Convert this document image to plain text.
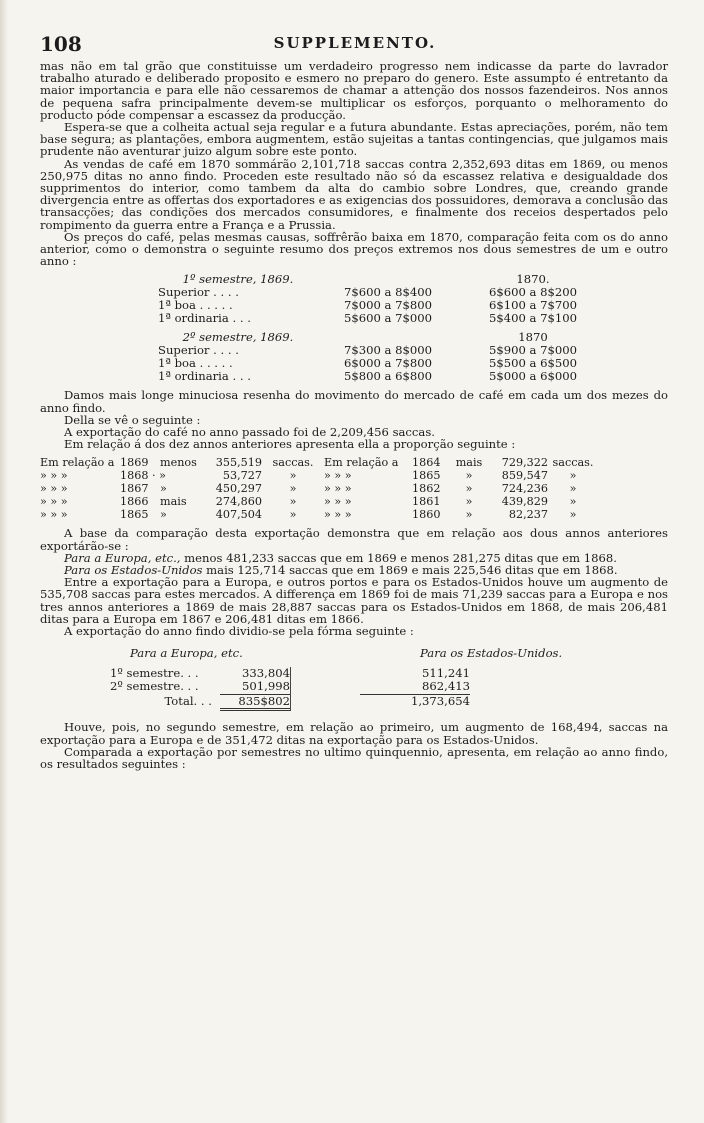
108	SUPPLEMENTO.

mas não em tal grão que constituisse um verdadeiro progresso nem indicasse da parte do lavrador trabalho aturado e deliberado proposito e esmero no preparo do genero. Este assumpto é entretanto da maior importancia e para elle não cessaremos de chamar a attenção dos nossos fazendeiros. Nos annos de pequena safra principalmente devem-se multiplicar os esforços, porquanto o melhoramento do producto póde compensar a escassez da producção.

Espera-se que a colheita actual seja regular e a futura abundante. Estas apreciações, porém, não tem base segura; as plantações, embora augmentem, estão sujeitas a tantas contingencias, que julgamos mais prudente não aventurar juizo algum sobre este ponto.

As vendas de café em 1870 sommárão 2,101,718 saccas contra 2,352,693 ditas em 1869, ou menos 250,975 ditas no anno findo. Proceden este resultado não só da escassez relativa e desigualdade dos supprimentos do interior, como tambem da alta do cambio sobre Londres, que, creando grande divergencia entre as offertas dos exportadores e as exigencias dos possuidores, demorava a conclusão das transacções; das condições dos mercados consumidores, e finalmente dos receios despertados pelo rompimento da guerra entre a França e a Prussia.

Os preços do café, pelas mesmas causas, soffrêrão baixa em 1870, comparação feita com os do anno anterior, como o demonstra o seguinte resumo dos preços extremos nos dous semestres de um e outro anno :

1º semestre, 1869.	1870.
Superior . . . .	7$600 a 8$400	6$600 a 8$200
1ª boa . . . . .	7$000 a 7$800	6$100 a 7$700
1ª ordinaria . . .	5$600 a 7$000	5$400 a 7$100
2º semestre, 1869.	1870
Superior . . . .	7$300 a 8$000	5$900 a 7$000
1ª boa . . . . .	6$000 a 7$800	5$500 a 6$500
1ª ordinaria . . .	5$800 a 6$800	5$000 a 6$000

Damos mais longe minuciosa resenha do movimento do mercado de café em cada um dos mezes do anno findo.

Della se vê o seguinte :

A exportação do café no anno passado foi de 2,209,456 saccas.

Em relação á dos dez annos anteriores apresenta ella a proporção seguinte :

Em relação a 1869	menos	355,519 saccas. Em relação a	1864	mais	729,322 saccas.
» » »	1868 · »	53,727	»	» » »	1865	»	859,547	»
» » »	1867	»	450,297	»	» » »	1862	»	724,236	»
» » »	1866	mais	274,860	»	» » »	1861	»	439,829	»
» » »	1865	»	407,504	»	» » »	1860	»	82,237	»

A base da comparação desta exportação demonstra que em relação aos dous annos anteriores exportárão-se :

Para a Europa, etc., menos 481,233 saccas que em 1869 e menos 281,275 ditas que em 1868.

Para os Estados-Unidos mais 125,714 saccas que em 1869 e mais 225,546 ditas que em 1868.

Entre a exportação para a Europa, e outros portos e para os Estados-Unidos houve um augmento de 535,708 saccas para estes mercados. A differença em 1869 foi de mais 71,239 saccas para a Europa e nos tres annos anteriores a 1869 de mais 28,887 saccas para os Estados-Unidos em 1868, de mais 206,481 ditas para a Europa em 1867 e 206,481 ditas em 1866.

A exportação do anno findo dividio-se pela fórma seguinte :

Para a Europa, etc.	Para os Estados-Unidos.
1º semestre. . .	333,804	511,241
2º semestre. . .	501,998	862,413
Total. . .	835$802	1,373,654

Houve, pois, no segundo semestre, em relação ao primeiro, um augmento de 168,494, saccas na exportação para a Europa e de 351,472 ditas na exportação para os Estados-Unidos.

Comparada a exportação por semestres no ultimo quinquennio, apresenta, em relação ao anno findo, os resultados seguintes :
